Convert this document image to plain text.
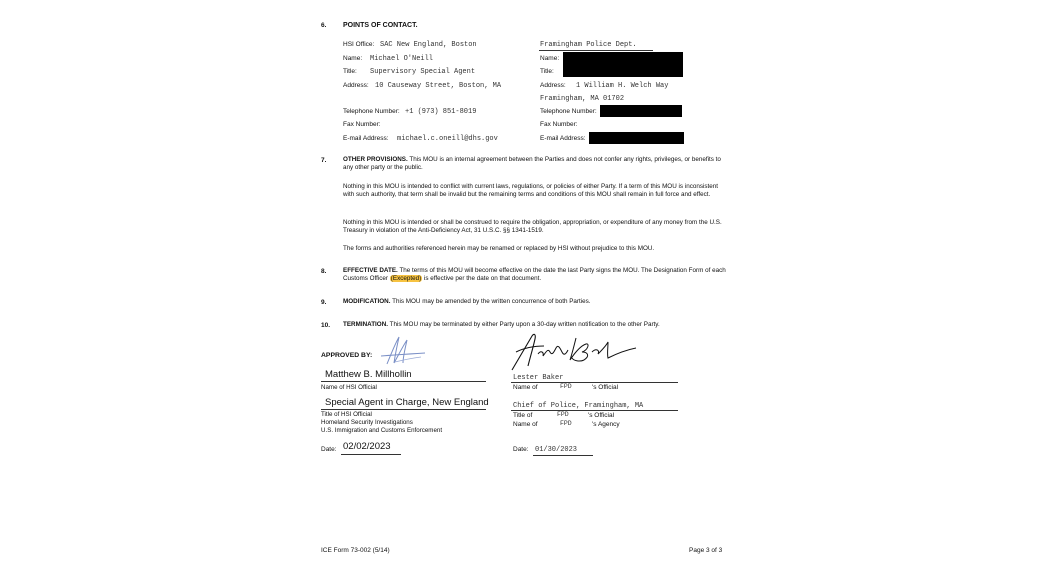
6. POINTS OF CONTACT.
HSI Office: SAC New England, Boston
Name: Michael O'Neill
Title: Supervisory Special Agent
Address: 10 Causeway Street, Boston, MA
Telephone Number: +1 (973) 851-8019
Fax Number:
E-mail Address: michael.c.oneill@dhs.gov
Framingham Police Dept.
Name:
Title:
Address: 1 William H. Welch Way
Framingham, MA 01702
Telephone Number:
Fax Number:
E-mail Address:
7.	OTHER PROVISIONS. This MOU is an internal agreement between the Parties and does not confer any rights, privileges, or benefits to any other party or the public.
Nothing in this MOU is intended to conflict with current laws, regulations, or policies of either Party. If a term of this MOU is inconsistent with such authority, that term shall be invalid but the remaining terms and conditions of this MOU shall remain in full force and effect.
Nothing in this MOU is intended or shall be construed to require the obligation, appropriation, or expenditure of any money from the U.S. Treasury in violation of the Anti-Deficiency Act, 31 U.S.C. §§ 1341-1519.
The forms and authorities referenced herein may be renamed or replaced by HSI without prejudice to this MOU.
8.	EFFECTIVE DATE. The terms of this MOU will become effective on the date the last Party signs the MOU. The Designation Form of each Customs Officer (Excepted) is effective per the date on that document.
9.	MODIFICATION. This MOU may be amended by the written concurrence of both Parties.
10. TERMINATION. This MOU may be terminated by either Party upon a 30-day written notification to the other Party.
APPROVED BY:
Matthew B. Millhollin
Name of HSI Official
Special Agent in Charge, New England
Title of HSI Official
Homeland Security Investigations
U.S. Immigration and Customs Enforcement
Date: 02/02/2023
Lester Baker
Name of	FPD	's Official
Chief of Police, Framingham, MA
Title of	FPD	's Official
Name of	FPD	's Agency
Date: 01/30/2023
ICE Form 73-002 (5/14)	Page 3 of 3
